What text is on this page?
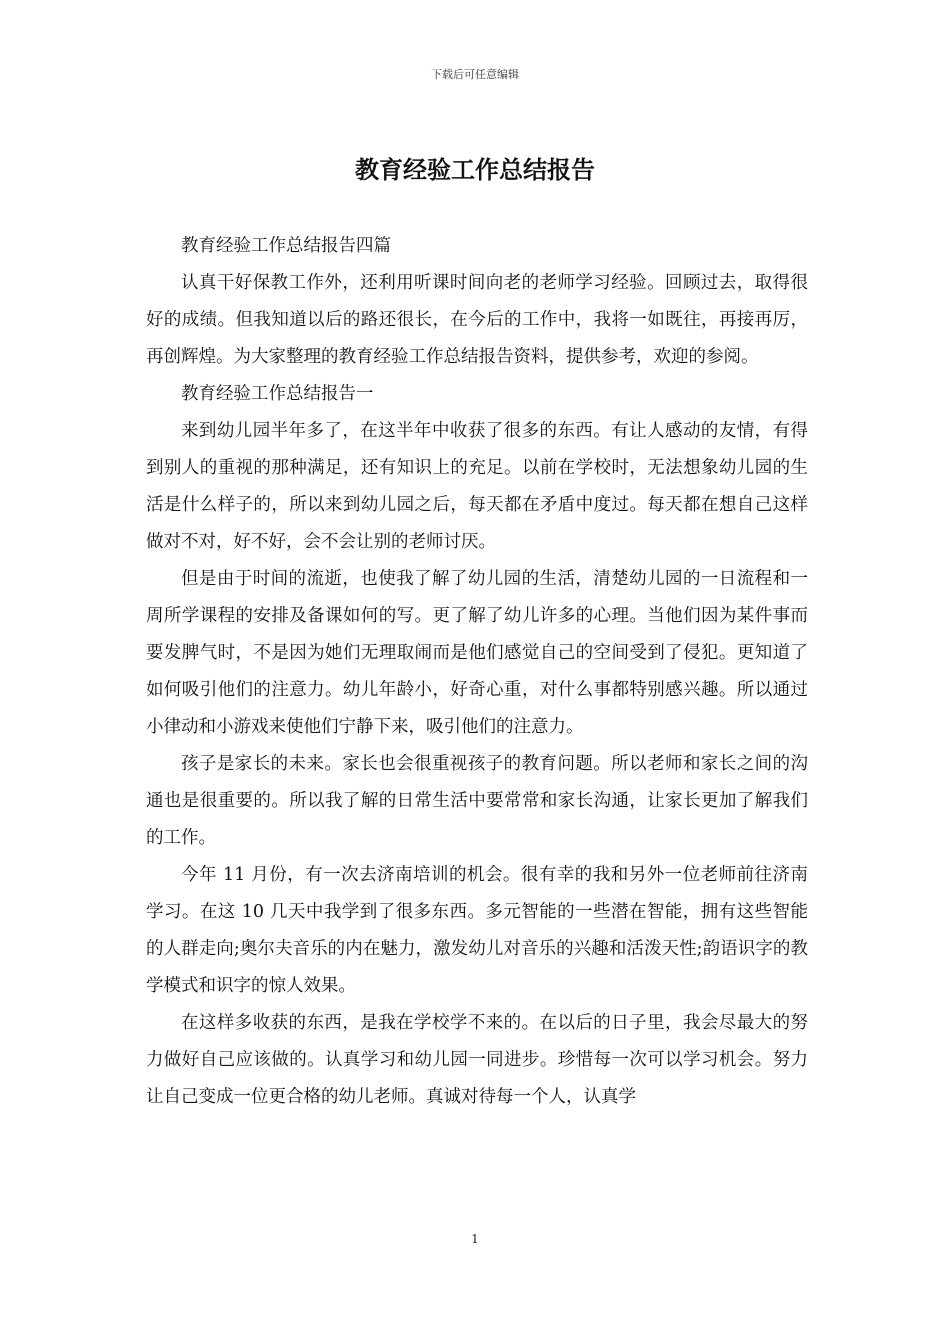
下载后可任意编辑
教育经验工作总结报告

教育经验工作总结报告四篇

认真干好保教工作外，还利用听课时间向老的老师学习经验。回顾过去，取得很好的成绩。但我知道以后的路还很长，在今后的工作中，我将一如既往，再接再厉，再创辉煌。为大家整理的教育经验工作总结报告资料，提供参考，欢迎的参阅。

教育经验工作总结报告一

来到幼儿园半年多了，在这半年中收获了很多的东西。有让人感动的友情，有得到别人的重视的那种满足，还有知识上的充足。以前在学校时，无法想象幼儿园的生活是什么样子的，所以来到幼儿园之后，每天都在矛盾中度过。每天都在想自己这样做对不对，好不好，会不会让别的老师讨厌。

但是由于时间的流逝，也使我了解了幼儿园的生活，清楚幼儿园的一日流程和一周所学课程的安排及备课如何的写。更了解了幼儿许多的心理。当他们因为某件事而要发脾气时，不是因为她们无理取闹而是他们感觉自己的空间受到了侵犯。更知道了如何吸引他们的注意力。幼儿年龄小，好奇心重，对什么事都特别感兴趣。所以通过小律动和小游戏来使他们宁静下来，吸引他们的注意力。

孩子是家长的未来。家长也会很重视孩子的教育问题。所以老师和家长之间的沟通也是很重要的。所以我了解的日常生活中要常常和家长沟通，让家长更加了解我们的工作。

今年 11 月份，有一次去济南培训的机会。很有幸的我和另外一位老师前往济南学习。在这 10 几天中我学到了很多东西。多元智能的一些潜在智能，拥有这些智能的人群走向;奥尔夫音乐的内在魅力，激发幼儿对音乐的兴趣和活泼天性;韵语识字的教学模式和识字的惊人效果。

在这样多收获的东西，是我在学校学不来的。在以后的日子里，我会尽最大的努力做好自己应该做的。认真学习和幼儿园一同进步。珍惜每一次可以学习机会。努力让自己变成一位更合格的幼儿老师。真诚对待每一个人，认真学

1
